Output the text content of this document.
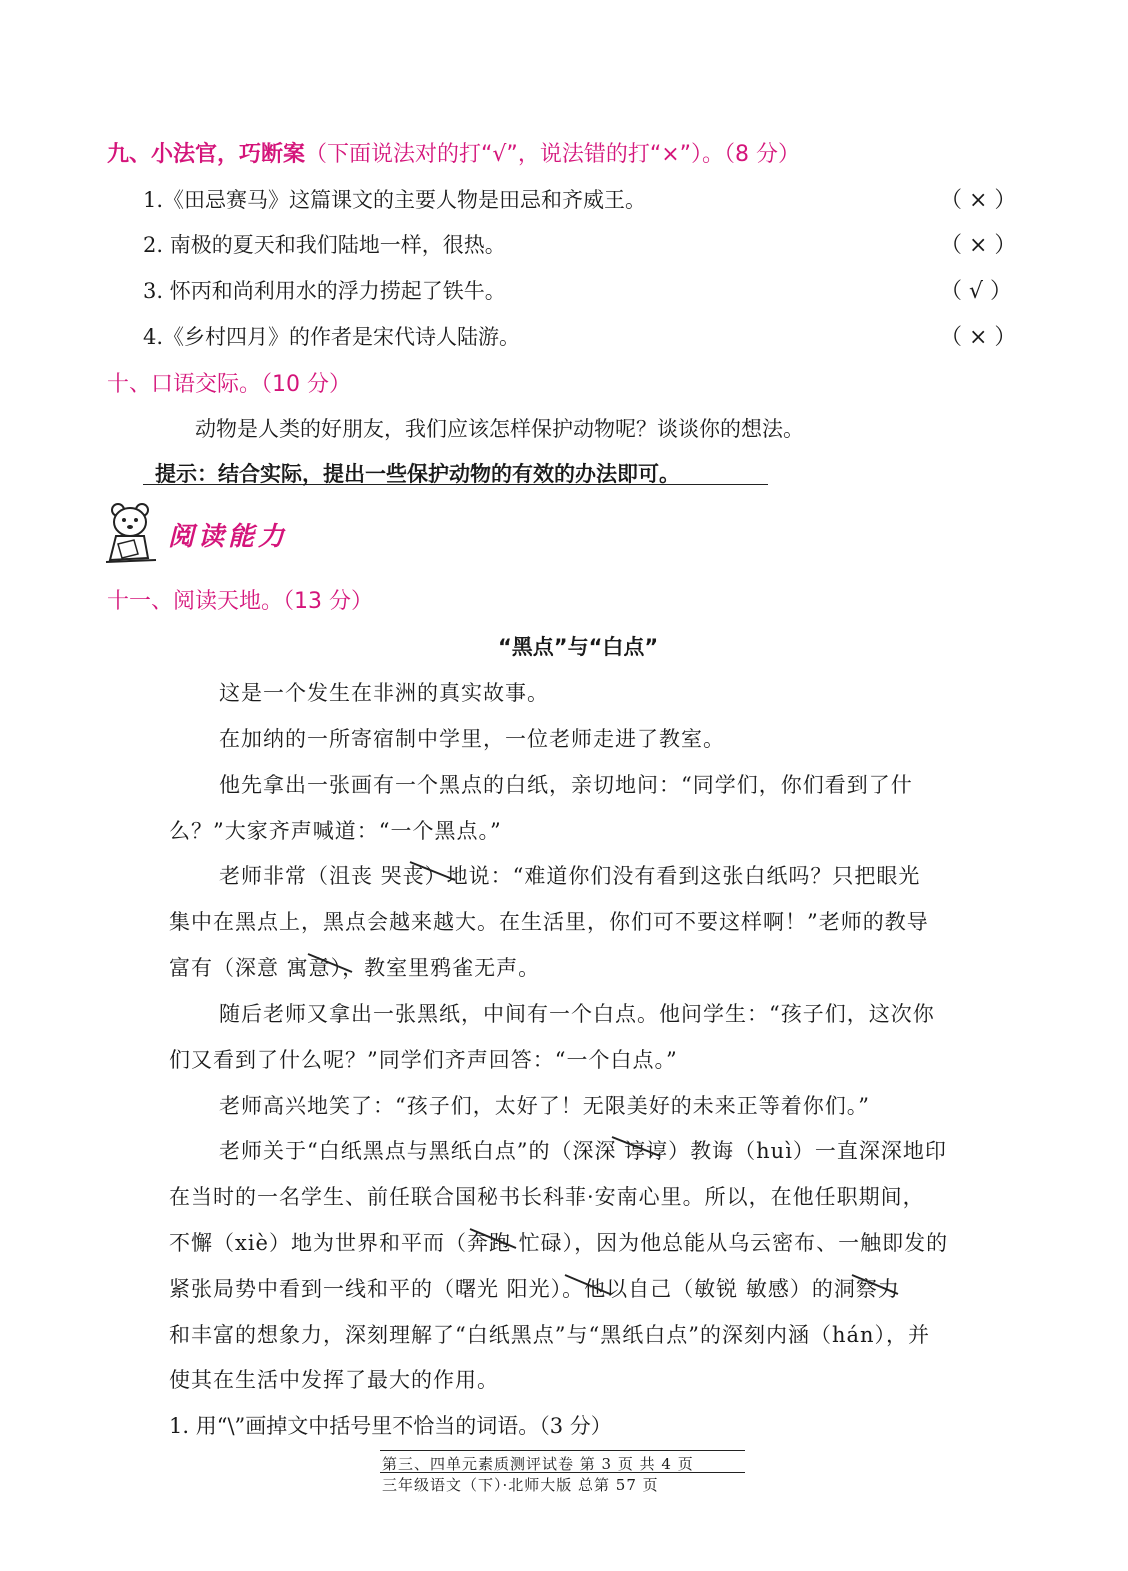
九、小法官，巧断案（下面说法对的打“√”，说法错的打“×”）。（8 分）
1.《田忌赛马》这篇课文的主要人物是田忌和齐威王。	（ × ）
2. 南极的夏天和我们陆地一样，很热。	（ × ）
3. 怀丙和尚利用水的浮力捞起了铁牛。	（ √ ）
4.《乡村四月》的作者是宋代诗人陆游。	（ × ）
十、口语交际。（10 分）
动物是人类的好朋友，我们应该怎样保护动物呢？谈谈你的想法。
提示：结合实际，提出一些保护动物的有效的办法即可。
阅读能力
十一、阅读天地。（13 分）
“黑点”与“白点”
这是一个发生在非洲的真实故事。
在加纳的一所寄宿制中学里，一位老师走进了教室。
他先拿出一张画有一个黑点的白纸，亲切地问：“同学们，你们看到了什
么？”大家齐声喊道：“一个黑点。”
老师非常（沮丧 哭丧）地说：“难道你们没有看到这张白纸吗？只把眼光
集中在黑点上，黑点会越来越大。在生活里，你们可不要这样啊！”老师的教导
富有（深意 寓意），教室里鸦雀无声。
随后老师又拿出一张黑纸，中间有一个白点。他问学生：“孩子们，这次你
们又看到了什么呢？”同学们齐声回答：“一个白点。”
老师高兴地笑了：“孩子们，太好了！无限美好的未来正等着你们。”
老师关于“白纸黑点与黑纸白点”的（深深 谆谆）教诲（huì）一直深深地印
在当时的一名学生、前任联合国秘书长科菲·安南心里。所以，在他任职期间，
不懈（xiè）地为世界和平而（奔跑 忙碌），因为他总能从乌云密布、一触即发的
紧张局势中看到一线和平的（曙光 阳光）。他以自己（敏锐 敏感）的洞察力
和丰富的想象力，深刻理解了“白纸黑点”与“黑纸白点”的深刻内涵（hán），并
使其在生活中发挥了最大的作用。
1. 用“\”画掉文中括号里不恰当的词语。（3 分）
第三、四单元素质测评试卷 第 3 页 共 4 页
三年级语文（下）·北师大版 总第 57 页
